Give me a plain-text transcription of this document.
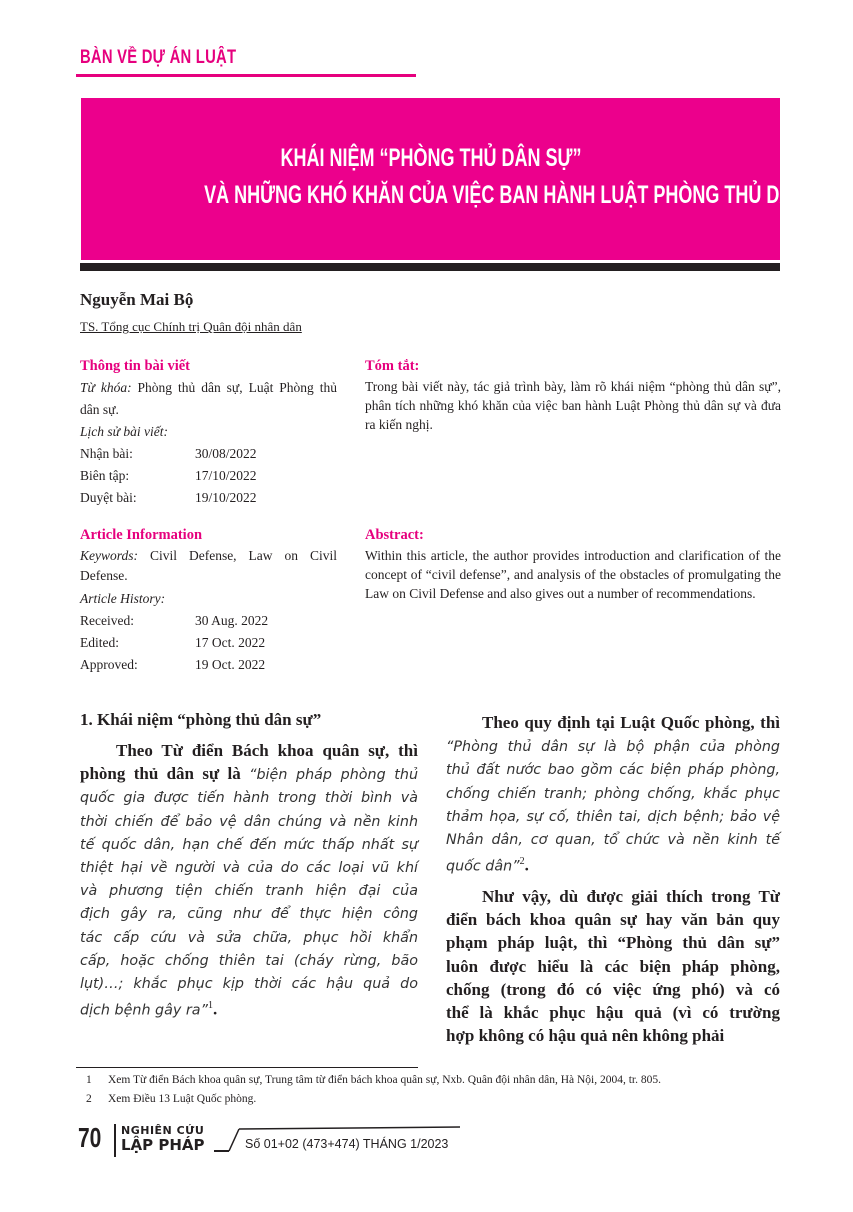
BÀN VỀ DỰ ÁN LUẬT
KHÁI NIỆM “PHÒNG THỦ DÂN SỰ”
VÀ NHỮNG KHÓ KHĂN CỦA VIỆC BAN HÀNH LUẬT PHÒNG THỦ DÂN SỰ
Nguyễn Mai Bộ
TS. Tổng cục Chính trị Quân đội nhân dân
Thông tin bài viết
Từ khóa: Phòng thủ dân sự, Luật Phòng thủ dân sự.
Lịch sử bài viết:
Nhận bài:	30/08/2022
Biên tập:	17/10/2022
Duyệt bài:	19/10/2022
Tóm tắt:
Trong bài viết này, tác giả trình bày, làm rõ khái niệm “phòng thủ dân sự”, phân tích những khó khăn của việc ban hành Luật Phòng thủ dân sự và đưa ra kiến nghị.
Article Information
Keywords: Civil Defense, Law on Civil Defense.
Article History:
Received:	30 Aug. 2022
Edited:	17 Oct. 2022
Approved:	19 Oct. 2022
Abstract:
Within this article, the author provides introduction and clarification of the concept of “civil defense”, and analysis of the obstacles of promulgating the Law on Civil Defense and also gives out a number of recommendations.
1. Khái niệm “phòng thủ dân sự”
Theo Từ điển Bách khoa quân sự, thì
phòng thủ dân sự là “biện pháp phòng thủ
quốc gia được tiến hành trong thời bình và
thời chiến để bảo vệ dân chúng và nền kinh
tế quốc dân, hạn chế đến mức thấp nhất sự
thiệt hại về người và của do các loại vũ khí
và phương tiện chiến tranh hiện đại của
địch gây ra, cũng như để thực hiện công
tác cấp cứu và sửa chữa, phục hồi khẩn
cấp, hoặc chống thiên tai (cháy rừng, bão
lụt)…; khắc phục kịp thời các hậu quả do
dịch bệnh gây ra”$^1$.
Theo quy định tại Luật Quốc phòng, thì
“Phòng thủ dân sự là bộ phận của phòng
thủ đất nước bao gồm các biện pháp phòng,
chống chiến tranh; phòng chống, khắc phục
thảm họa, sự cố, thiên tai, dịch bệnh; bảo vệ
Nhân dân, cơ quan, tổ chức và nền kinh tế
quốc dân”$^2$.
Như vậy, dù được giải thích trong Từ
điển bách khoa quân sự hay văn bản quy
phạm pháp luật, thì “Phòng thủ dân sự”
luôn được hiểu là các biện pháp phòng,
chống (trong đó có việc ứng phó) và có
thể là khắc phục hậu quả (vì có trường
hợp không có hậu quả nên không phải
1 Xem Từ điển Bách khoa quân sự, Trung tâm từ điển bách khoa quân sự, Nxb. Quân đội nhân dân, Hà Nội, 2004, tr. 805.
2 Xem Điều 13 Luật Quốc phòng.
70 NGHIÊN CỨU
LẬP PHÁP	Số 01+02 (473+474) THÁNG 1/2023
